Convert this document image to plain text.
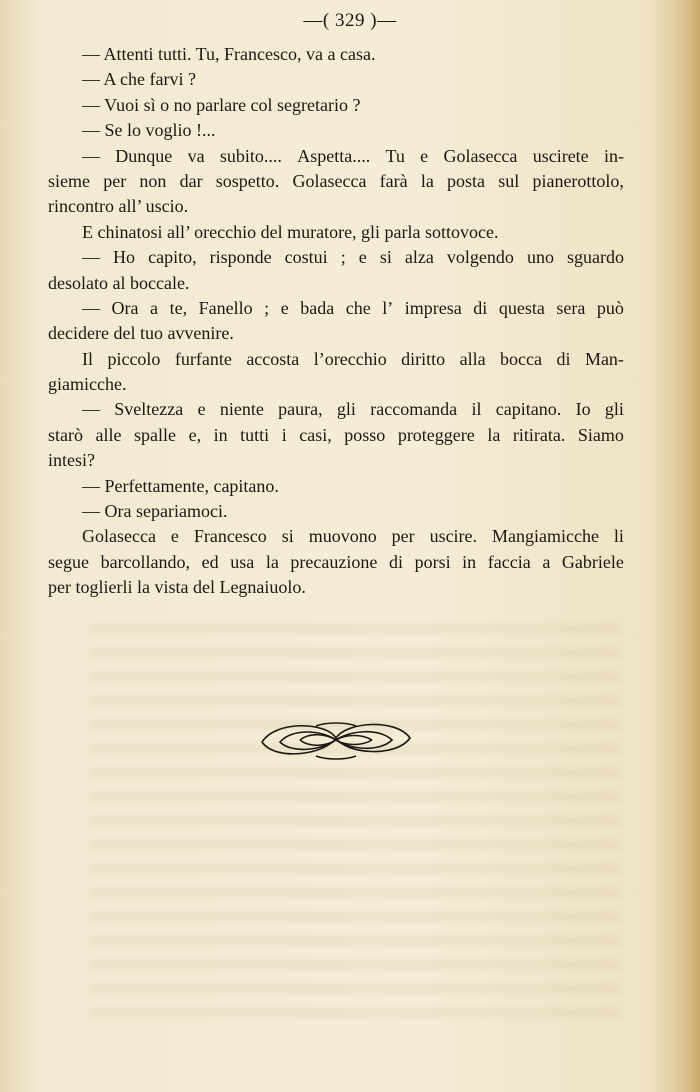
—( 329 )—
— Attenti tutti. Tu, Francesco, va a casa.
— A che farvi ?
— Vuoi sì o no parlare col segretario ?
— Se lo voglio !...
— Dunque va subito.... Aspetta.... Tu e Golasecca uscirete in-
sieme per non dar sospetto. Golasecca farà la posta sul pianerottolo,
rincontro all’ uscio.
E chinatosi all’ orecchio del muratore, gli parla sottovoce.
— Ho capito, risponde costui ; e si alza volgendo uno sguardo
desolato al boccale.
— Ora a te, Fanello ; e bada che l’ impresa di questa sera può
decidere del tuo avvenire.
Il piccolo furfante accosta l’orecchio diritto alla bocca di Man-
giamicche.
— Sveltezza e niente paura, gli raccomanda il capitano. Io gli
starò alle spalle e, in tutti i casi, posso proteggere la ritirata. Siamo
intesi?
— Perfettamente, capitano.
— Ora separiamoci.
Golasecca e Francesco si muovono per uscire. Mangiamicche li
segue barcollando, ed usa la precauzione di porsi in faccia a Gabriele
per toglierli la vista del Legnaiuolo.
